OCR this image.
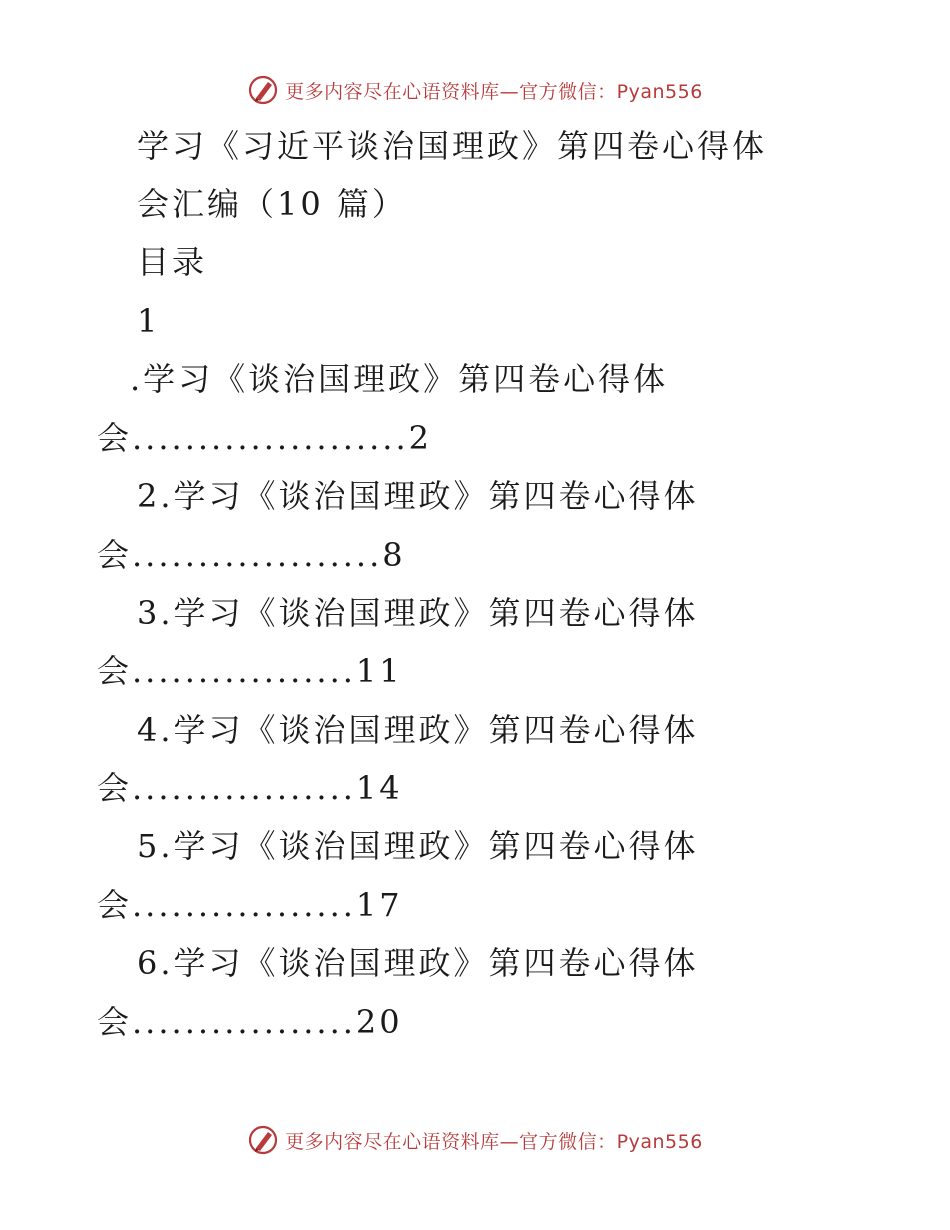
更多内容尽在心语资料库—官方微信：Pyan556
学习《习近平谈治国理政》第四卷心得体
会汇编（10 篇）
目录
1
.学习《谈治国理政》第四卷心得体
会.....................2
2.学习《谈治国理政》第四卷心得体
会...................8
3.学习《谈治国理政》第四卷心得体
会.................11
4.学习《谈治国理政》第四卷心得体
会.................14
5.学习《谈治国理政》第四卷心得体
会.................17
6.学习《谈治国理政》第四卷心得体
会.................20
更多内容尽在心语资料库—官方微信：Pyan556
